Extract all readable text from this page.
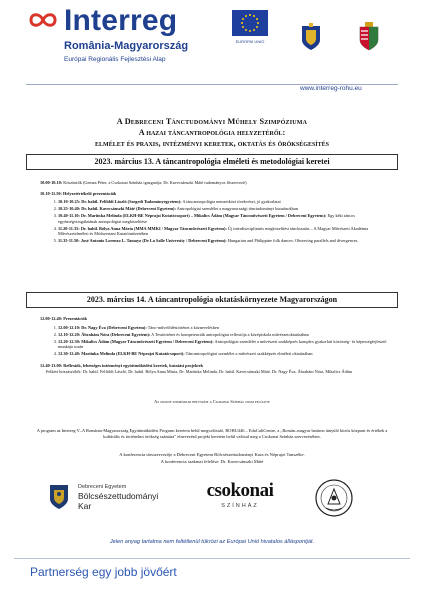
Interreg
România-Magyarország
Európai Regionális Fejlesztési Alap
EURÓPAI UNIÓ
www.interreg-rohu.eu
A Debreceni Tánctudományi Műhely Szimpóziuma
A hazai táncantropológia helyzetéről:
elmélet és praxis, intézményi keretek, oktatás és örökségesítés
2023. március 13. A táncantropológia elméleti és metodológiai keretei
10.00-10.10: Köszöntők (Gemza Péter, a Csokonai Színház igazgatója; Dr. Kavecsánszki Máté tudományos főszervező)
10.10-11.50: Helyzetértékelő prezentációk
1. 10.10-10.25: Dr. habil. Felföldi László (Szegedi Tudományegyetem): A táncantropológia nemzetközi törekvései, jó gyakorlatai
2. 10.25-10.40: Dr. habil. Kavecsánszki Máté (Debreceni Egyetem): Antropológiai szemlélet a magyarországi tánctudományi kutatásokban
3. 10.40-11.10: Dr. Mariinka Melinda (ELKH-BE Néprajzi Kutatócsoport) – Mikalics Ádám (Magyar Táncművészeti Egyetem / Debreceni Egyetem): Egy kéki táncos egyénségvizsgálatának antropológiai megközelítése
4. 11.20-11.35: Dr. habil. Bólya Anna Mária (MMA MMKI / Magyar Táncművészeti Egyetem): Új interdiszciplináris megközelítési tánckutatás – A Magyar Művészeti Akadémia Művészetelméleti és Módszertani Kutatóintézetében
5. 11.35-11.50: José Antonio Lorenzo L. Tamayo (De La Salle University / Debreceni Egyetem): Hungarian and Philippine folk dances: Observing parallels and divergences.
2023. március 14. A táncantropológia oktatáskörnyezete Magyarországon
12.00-12.40: Prezentációk
1. 12.00-12.10: Dr. Nagy Éva (Debreceni Egyetem): Tánc-művelődéstörténet a köznevelésben
2. 12.10-12.20: Ábrahám Nóra (Debreceni Egyetem): A Testtörténet és kompetenciák antropológiai reflexiója a középiskola művészetoktatásában
3. 12.20-12.30: Mikalics Ádám (Magyar Táncművészeti Egyetem / Debreceni Egyetem): Antropológiai szemlélet a művészeti szakképzés komplex gyakorlati közösség- és képességfejlesztő munkája során
4. 12.30-12.40: Mariinka Melinda (ELKH-BE Néprajzi Kutatócsoport): Táncantropológiai szemlélet a művészeti szakképzés elméleti oktatásában
12.40-13.00: Reflexiók, lehetséges intézményi együttműködési keretek, kutatási projektek
Felkért hozzászólók: Dr. habil. Felföldi László, Dr. habil. Bólya Anna Mária, Dr. Mariinka Melinda, Dr. habil. Kavecsánszki Máté, Dr. Nagy Éva, Ábrahám Nóra, Mikalics Ádám
Az online szimpózium helyszíne a Csokonai Színház zoom felülete
A program az Interreg V–A Románia-Magyarország Együttműködési Program keretein belül megvalósuló, ROHU446 – EduCultCentre, a „Román–magyar határon átnyúló közös központ és értékek a kultúrális és történelmi örökség számára” elnevezésű projekt keretein belül valósul meg a Csokonai Színház szervezésében.
A konferencia társszervezője a Debreceni Egyetem Bölcsészettudományi Kara és Néprajzi Tanszéke.
A konferencia szakmai felelőse: Dr. Kavecsánszki Máté
Debreceni Egyetem
Bölcsészettudományi
Kar
csokonai
SZÍNHÁZ
Jelen anyag tartalma nem feltétlenül tükrözi az Európai Unió hivatalos álláspontját.
Partnerség egy jobb jövőért
